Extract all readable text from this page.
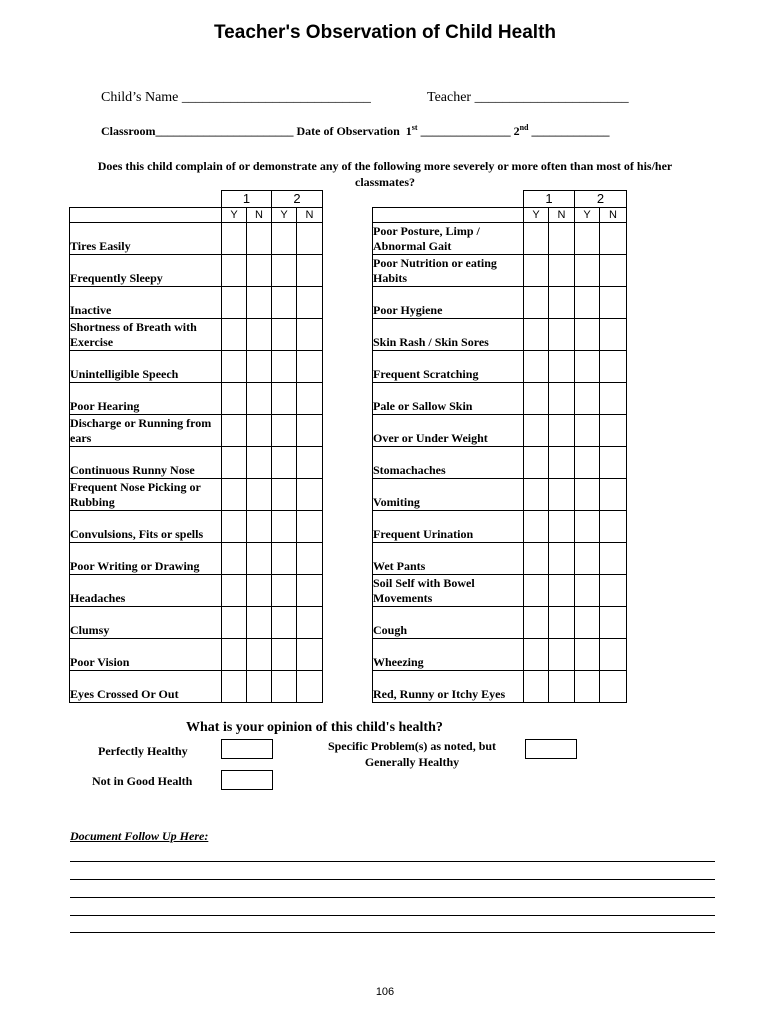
Teacher's Observation of Child Health
Child’s Name ___________________________	Teacher ______________________
Classroom_______________________ Date of Observation 1st _______________ 2nd _____________
Does this child complain of or demonstrate any of the following more severely or more often than most of his/her classmates?
	1		2	
	Y	N	Y	N
Tires Easily				
Frequently Sleepy				
Inactive				
Shortness of Breath with Exercise				
Unintelligible Speech				
Poor Hearing				
Discharge or Running from ears				
Continuous Runny Nose				
Frequent Nose Picking or Rubbing				
Convulsions, Fits or spells				
Poor Writing or Drawing				
Headaches				
Clumsy				
Poor Vision				
Eyes Crossed Or Out				
	1		2	
	Y	N	Y	N
Poor Posture, Limp / Abnormal Gait				
Poor Nutrition or eating Habits				
Poor Hygiene				
Skin Rash / Skin Sores				
Frequent Scratching				
Pale or Sallow Skin				
Over or Under Weight				
Stomachaches				
Vomiting				
Frequent Urination				
Wet Pants				
Soil Self with Bowel Movements				
Cough				
Wheezing				
Red, Runny or Itchy Eyes				
What is your opinion of this child's health?
Perfectly Healthy	Specific Problem(s) as noted, but Generally Healthy
Not in Good Health
Document Follow Up Here:
106
